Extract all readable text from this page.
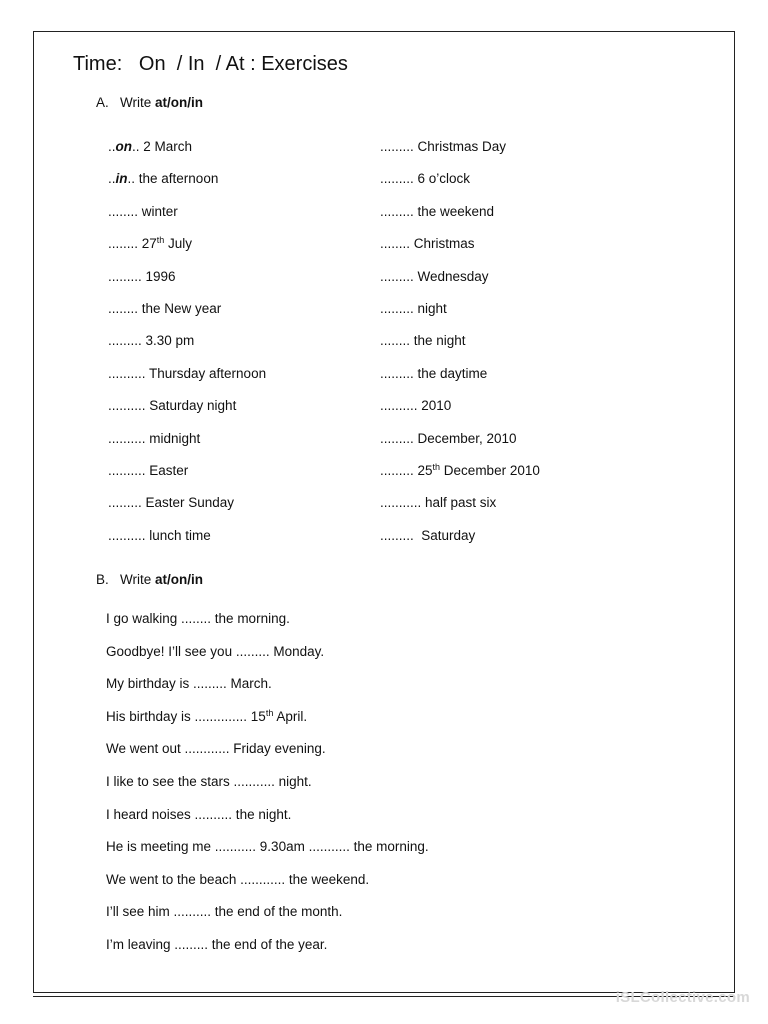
Time:   On  / In  / At : Exercises
A. Write at/on/in
..on.. 2 March
..in.. the afternoon
........ winter
........ 27th July
......... 1996
........ the New year
......... 3.30 pm
.......... Thursday afternoon
.......... Saturday night
.......... midnight
.......... Easter
......... Easter Sunday
.......... lunch time
......... Christmas Day
......... 6 o’clock
......... the weekend
........ Christmas
......... Wednesday
......... night
........ the night
......... the daytime
.......... 2010
......... December, 2010
......... 25th December 2010
........... half past six
.........  Saturday
B. Write at/on/in
I go walking ........ the morning.
Goodbye! I’ll see you ......... Monday.
My birthday is ......... March.
His birthday is .............. 15th April.
We went out ............ Friday evening.
I like to see the stars ........... night.
I heard noises .......... the night.
He is meeting me ........... 9.30am ........... the morning.
We went to the beach ............ the weekend.
I’ll see him .......... the end of the month.
I’m leaving ......... the end of the year.
iSLCollective.com
